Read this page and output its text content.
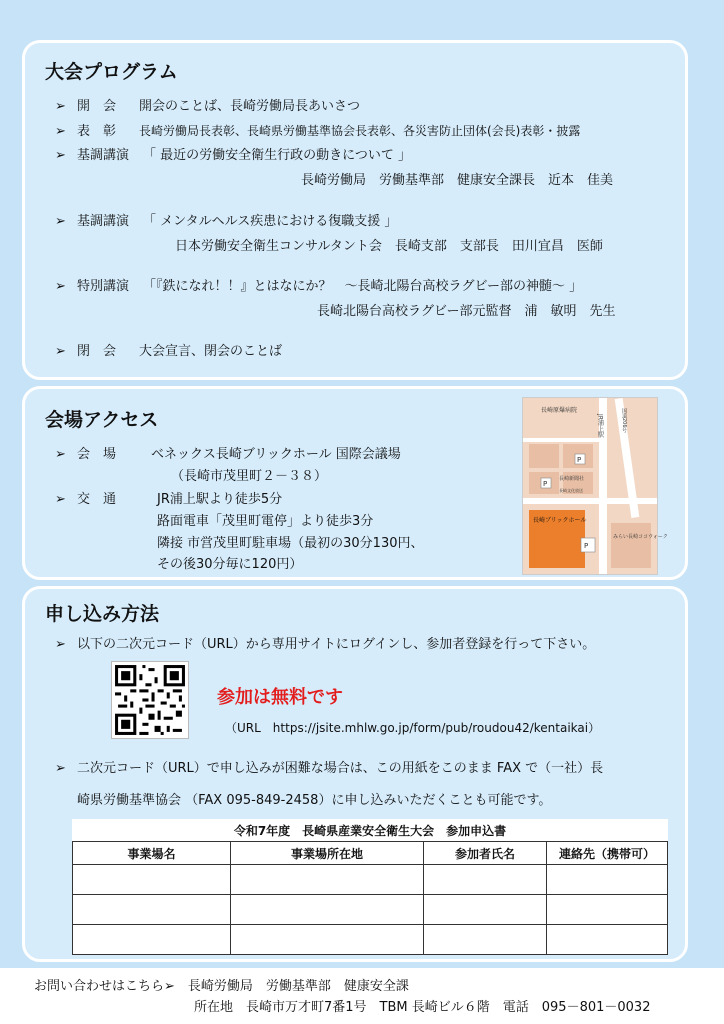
大会プログラム
➢ 開　会 開会のことば、長崎労働局長あいさつ
➢ 表　彰 長崎労働局長表彰、長崎県労働基準協会長表彰、各災害防止団体(会長)表彰・披露
➢ 基調講演 「 最近の労働安全衛生行政の動きについて 」
長崎労働局　労働基準部　健康安全課長　近本　佳美
➢ 基調講演 「 メンタルヘルス疾患における復職支援 」
日本労働安全衛生コンサルタント会　長崎支部　支部長　田川宜昌　医師
➢ 特別講演 「『鉄になれ！！』とはなにか？　～長崎北陽台高校ラグビー部の神髄～ 」
長崎北陽台高校ラグビー部元監督　浦　敏明　先生
➢ 閉　会 大会宣言、閉会のことば
会場アクセス
➢ 会　場	ベネックス長崎ブリックホール 国際会議場
（長崎市茂里町２－３８）
➢ 交　通	JR浦上駅より徒歩5分
路面電車「茂里町電停」より徒歩3分
隣接 市営茂里町駐車場（最初の30分130円、
その後30分毎に120円）
長崎原爆病院
JR浦上駅	国道206号
P
P
P
長崎新聞社
長崎文化放送
長崎ブリックホール
みらい長崎ココウォーク
申し込み方法
➢ 以下の二次元コード（URL）から専用サイトにログインし、参加者登録を行って下さい。
参加は無料です
（URL　https://jsite.mhlw.go.jp/form/pub/roudou42/kentaikai）
➢ 二次元コード（URL）で申し込みが困難な場合は、この用紙をこのまま FAX で（一社）長
崎県労働基準協会 （FAX 095-849-2458）に申し込みいただくことも可能です。
令和7年度　長崎県産業安全衛生大会　参加申込書			
事業場名	事業場所在地	参加者氏名	連絡先（携帯可）

お問い合わせはこちら➢　長崎労働局　労働基準部　健康安全課
所在地　長崎市万才町7番1号　TBM 長崎ビル６階　電話　095－801－0032
